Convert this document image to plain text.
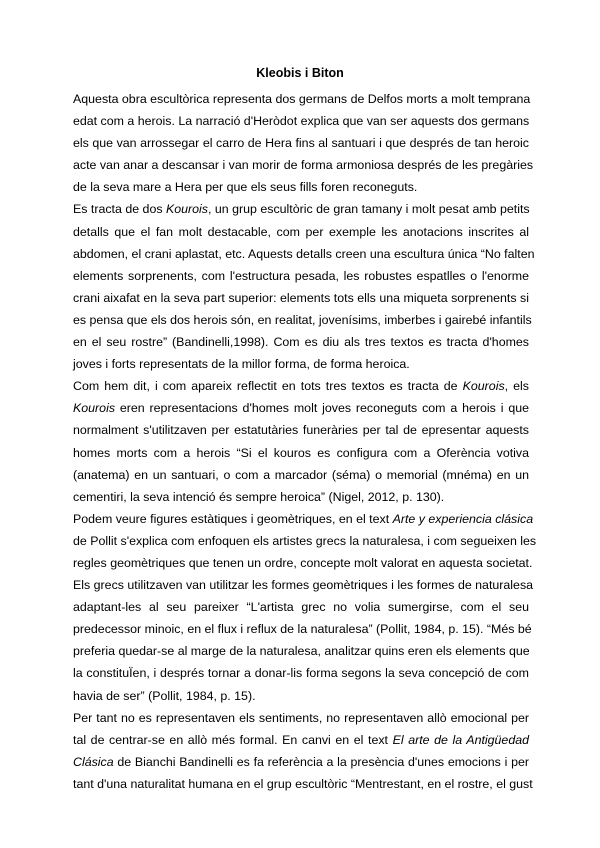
Kleobis i Biton
Aquesta obra escultòrica representa dos germans de Delfos morts a molt temprana
edat com a herois. La narració d'Heròdot explica que van ser aquests dos germans
els que van arrossegar el carro de Hera fins al santuari i que després de tan heroic
acte van anar a descansar i van morir de forma armoniosa després de les pregàries
de la seva mare a Hera per que els seus fills foren reconeguts.
Es tracta de dos Kourois, un grup escultòric de gran tamany i molt pesat amb petits
detalls que el fan molt destacable, com per exemple les anotacions inscrites al
abdomen, el crani aplastat, etc. Aquests detalls creen una escultura única “No falten
elements sorprenents, com l'estructura pesada, les robustes espatlles o l'enorme
crani aixafat en la seva part superior: elements tots ells una miqueta sorprenents si
es pensa que els dos herois són, en realitat, jovenísims, imberbes i gairebé infantils
en el seu rostre” (Bandinelli,1998). Com es diu als tres textos es tracta d'homes
joves i forts representats de la millor forma, de forma heroica.
Com hem dit, i com apareix reflectit en tots tres textos es tracta de Kourois, els
Kourois eren representacions d'homes molt joves reconeguts com a herois i que
normalment s'utilitzaven per estatutàries funeràries per tal de epresentar aquests
homes morts com a herois “Si el kouros es configura com a Oferència votiva
(anatema) en un santuari, o com a marcador (séma) o memorial (mnéma) en un
cementiri, la seva intenció és sempre heroica” (Nigel, 2012, p. 130).
Podem veure figures estàtiques i geomètriques, en el text Arte y experiencia clásica
de Pollit s'explica com enfoquen els artistes grecs la naturalesa, i com segueixen les
regles geomètriques que tenen un ordre, concepte molt valorat en aquesta societat.
Els grecs utilitzaven van utilitzar les formes geomètriques i les formes de naturalesa
adaptant-les al seu pareixer “L'artista grec no volia sumergirse, com el seu
predecessor minoic, en el flux i reflux de la naturalesa” (Pollit, 1984, p. 15). “Més bé
preferia quedar-se al marge de la naturalesa, analitzar quins eren els elements que
la constituÏen, i després tornar a donar-lis forma segons la seva concepció de com
havia de ser” (Pollit, 1984, p. 15).
Per tant no es representaven els sentiments, no representaven allò emocional per
tal de centrar-se en allò més formal. En canvi en el text El arte de la Antigüedad
Clásica de Bianchi Bandinelli es fa referència a la presència d'unes emocions i per
tant d'una naturalitat humana en el grup escultòric “Mentrestant, en el rostre, el gust
